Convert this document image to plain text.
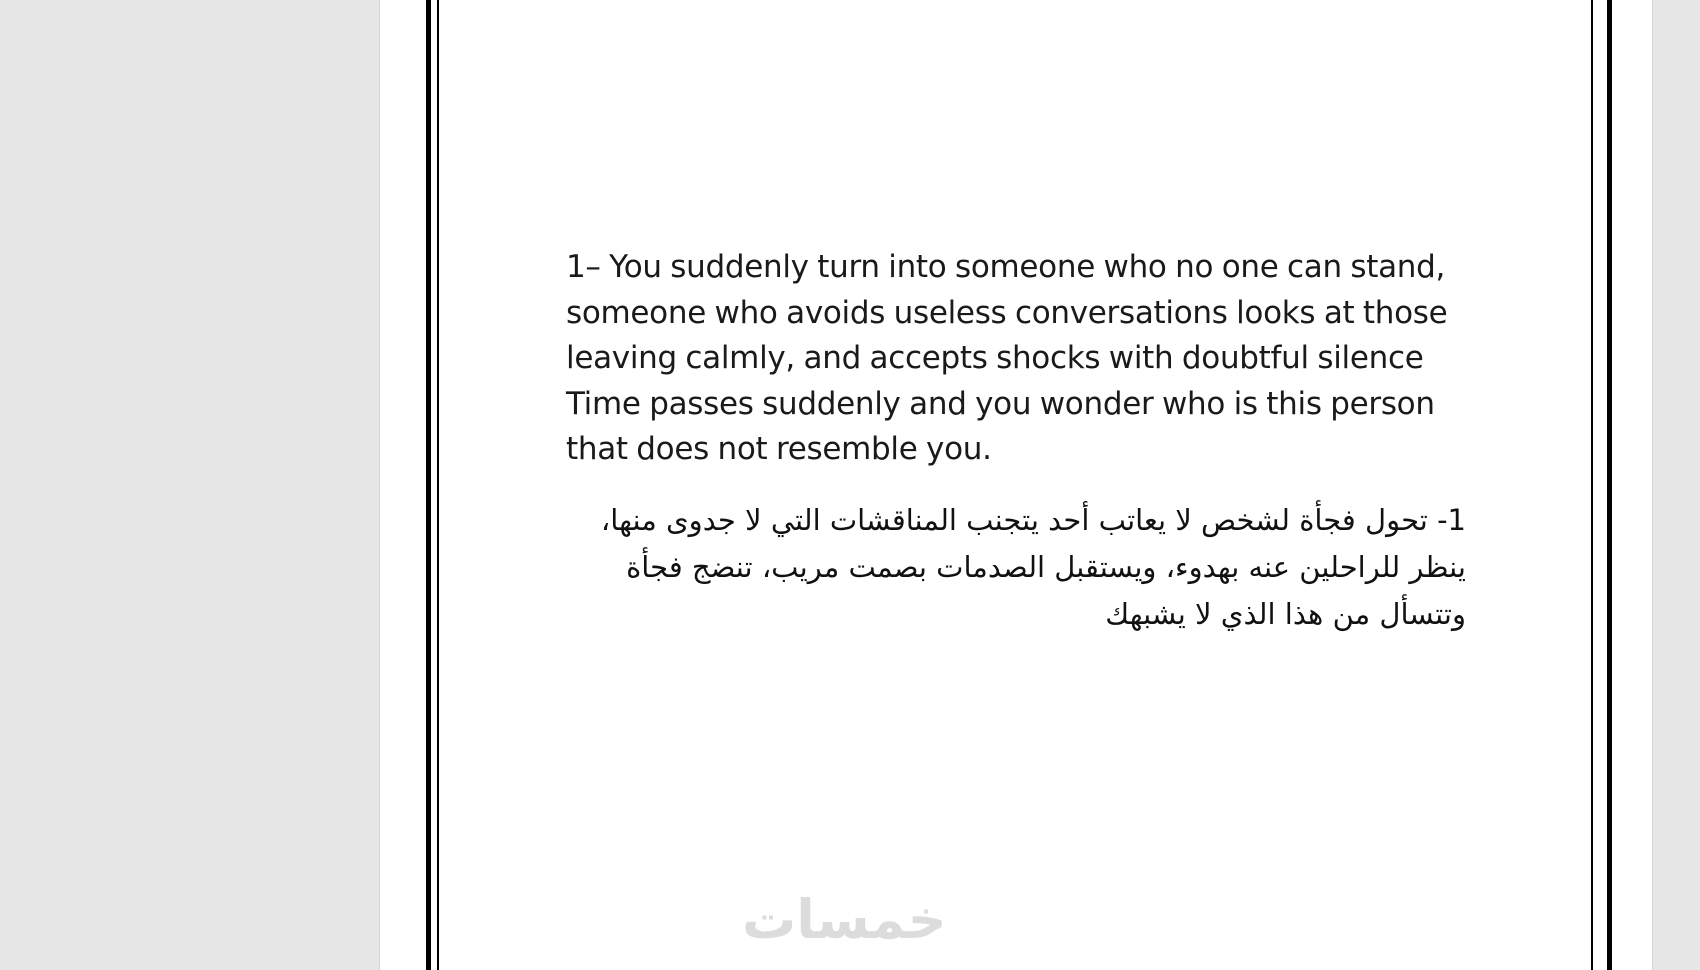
1– You suddenly turn into someone who no one can stand, someone who avoids useless conversations looks at those leaving calmly, and accepts shocks with doubtful silence Time passes suddenly and you wonder who is this person that does not resemble you.

1- تحول فجأة لشخص لا يعاتب أحد يتجنب المناقشات التي لا جدوى منها، ينظر للراحلين عنه بهدوء، ويستقبل الصدمات بصمت مريب، تنضج فجأة وتتسأل من هذا الذي لا يشبهك

خمسات
